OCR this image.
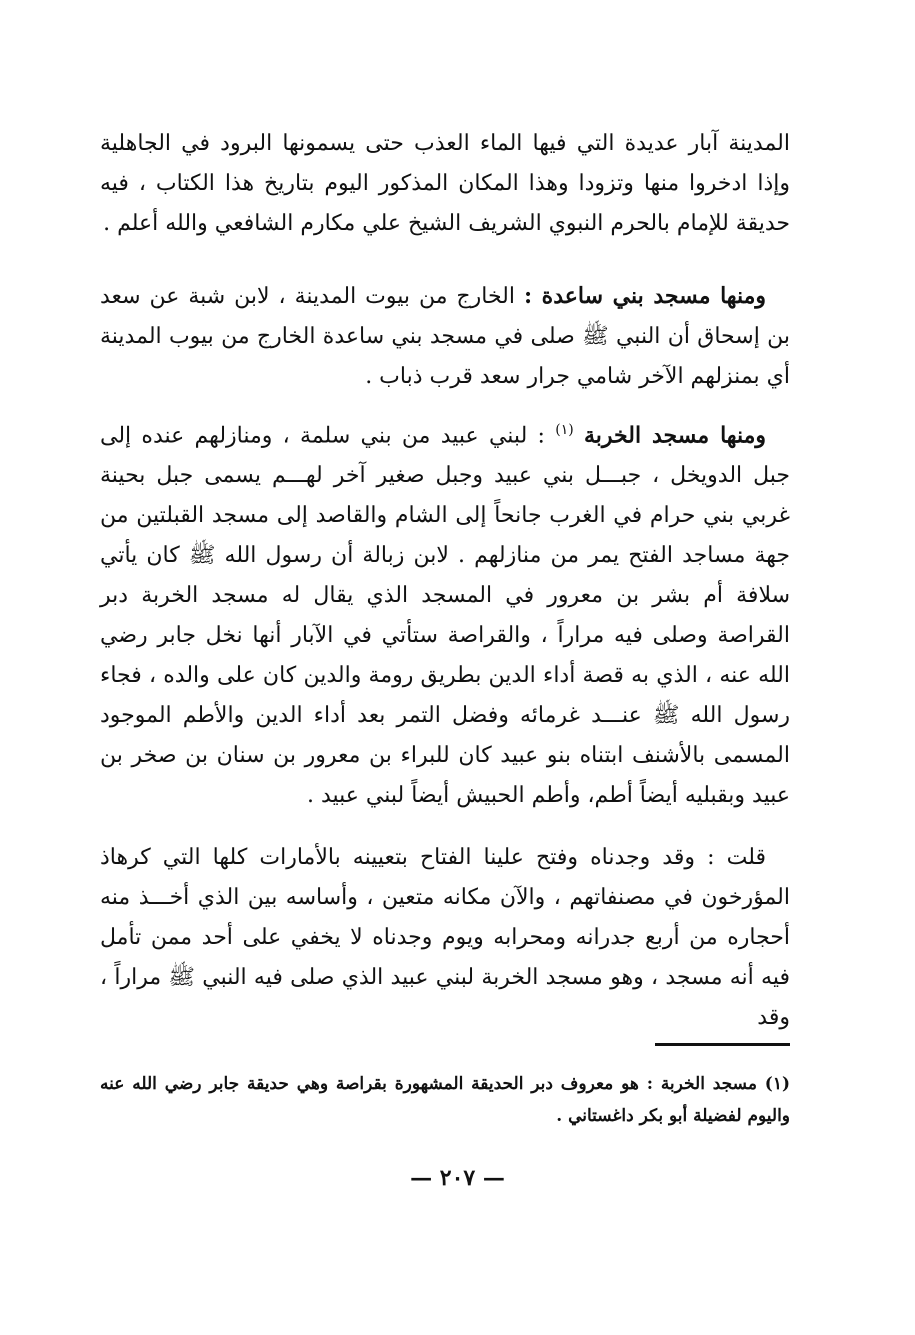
المدينة آبار عديدة التي فيها الماء العذب حتى يسمونها البرود في الجاهلية وإذا ادخروا منها وتزودا وهذا المكان المذكور اليوم بتاريخ هذا الكتاب ، فيه حديقة للإمام بالحرم النبوي الشريف الشيخ علي مكارم الشافعي والله أعلم .

ومنها مسجد بني ساعدة : الخارج من بيوت المدينة ، لابن شبة عن سعد بن إسحاق أن النبي ﷺ صلى في مسجد بني ساعدة الخارج من بيوب المدينة أي بمنزلهم الآخر شامي جرار سعد قرب ذباب .

ومنها مسجد الخربة $^{(١)}$ : لبني عبيد من بني سلمة ، ومنازلهم عنده إلى جبل الدويخل ، جبـــل بني عبيد وجبل صغير آخر لهـــم يسمى جبل بحينة غربي بني حرام في الغرب جانحاً إلى الشام والقاصد إلى مسجد القبلتين من جهة مساجد الفتح يمر من منازلهم . لابن زبالة أن رسول الله ﷺ كان يأتي سلافة أم بشر بن معرور في المسجد الذي يقال له مسجد الخربة دبر القراصة وصلى فيه مراراً ، والقراصة ستأتي في الآبار أنها نخل جابر رضي الله عنه ، الذي به قصة أداء الدين بطريق رومة والدين كان على والده ، فجاء رسول الله ﷺ عنـــد غرمائه وفضل التمر بعد أداء الدين والأطم الموجود المسمى بالأشنف ابتناه بنو عبيد كان للبراء بن معرور بن سنان بن صخر بن عبيد وبقبليه أيضاً أطم، وأطم الحبيش أيضاً لبني عبيد .

قلت : وقد وجدناه وفتح علينا الفتاح بتعيينه بالأمارات كلها التي كرهاذ المؤرخون في مصنفاتهم ، والآن مكانه متعين ، وأساسه بين الذي أخـــذ منه أحجاره من أربع جدرانه ومحرابه ويوم وجدناه لا يخفي على أحد ممن تأمل فيه أنه مسجد ، وهو مسجد الخربة لبني عبيد الذي صلى فيه النبي ﷺ مراراً ، وقد

(١) مسجد الخربة : هو معروف دبر الحديقة المشهورة بقراصة وهي حديقة جابر رضي الله عنه واليوم لفضيلة أبو بكر داغستاني .
— ٢٠٧ —
